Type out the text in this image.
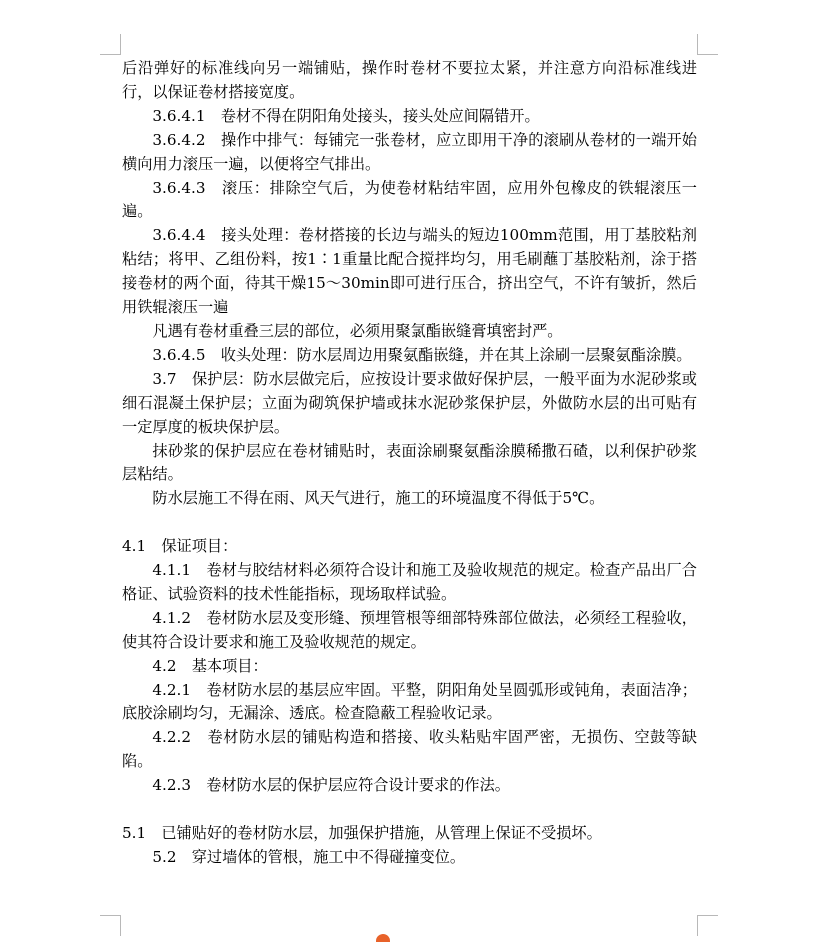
后沿弹好的标准线向另一端铺贴，操作时卷材不要拉太紧，并注意方向沿标准线进行，以保证卷材搭接宽度。

3.6.4.1　卷材不得在阴阳角处接头，接头处应间隔错开。

3.6.4.2　操作中排气：每铺完一张卷材，应立即用干净的滚刷从卷材的一端开始横向用力滚压一遍，以便将空气排出。

3.6.4.3　滚压：排除空气后，为使卷材粘结牢固，应用外包橡皮的铁辊滚压一遍。

3.6.4.4　接头处理：卷材搭接的长边与端头的短边100mm范围，用丁基胶粘剂粘结；将甲、乙组份料，按1∶1重量比配合搅拌均匀，用毛刷蘸丁基胶粘剂，涂于搭接卷材的两个面，待其干燥15～30min即可进行压合，挤出空气，不许有皱折，然后用铁辊滚压一遍

凡遇有卷材重叠三层的部位，必须用聚氯酯嵌缝膏填密封严。

3.6.4.5　收头处理：防水层周边用聚氨酯嵌缝，并在其上涂刷一层聚氨酯涂膜。

3.7　保护层：防水层做完后，应按设计要求做好保护层，一般平面为水泥砂浆或细石混凝土保护层；立面为砌筑保护墙或抹水泥砂浆保护层，外做防水层的出可贴有一定厚度的板块保护层。

抹砂浆的保护层应在卷材铺贴时，表面涂刷聚氨酯涂膜稀撒石碴，以利保护砂浆层粘结。

防水层施工不得在雨、风天气进行，施工的环境温度不得低于5℃。

4.1　保证项目：

4.1.1　卷材与胶结材料必须符合设计和施工及验收规范的规定。检查产品出厂合格证、试验资料的技术性能指标，现场取样试验。

4.1.2　卷材防水层及变形缝、预埋管根等细部特殊部位做法，必须经工程验收，使其符合设计要求和施工及验收规范的规定。

4.2　基本项目：

4.2.1　卷材防水层的基层应牢固。平整，阴阳角处呈圆弧形或钝角，表面洁净；底胶涂刷均匀，无漏涂、透底。检查隐蔽工程验收记录。

4.2.2　卷材防水层的铺贴构造和搭接、收头粘贴牢固严密，无损伤、空鼓等缺陷。

4.2.3　卷材防水层的保护层应符合设计要求的作法。

5.1　已铺贴好的卷材防水层，加强保护措施，从管理上保证不受损坏。

5.2　穿过墙体的管根，施工中不得碰撞变位。
